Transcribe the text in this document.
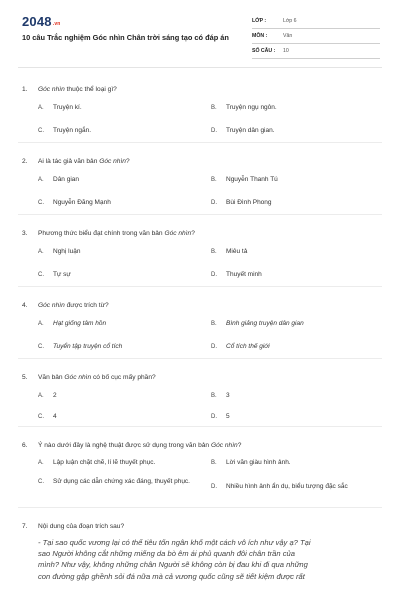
2048.vn
10 câu Trắc nghiệm Góc nhìn Chân trời sáng tạo có đáp án
LỚP :	Lớp 6
MÔN :	Văn
SỐ CÂU :	10
1.	Góc nhìn thuộc thể loại gì?
A.	Truyện kí.	B.	Truyện ngụ ngôn.
C.	Truyện ngắn.	D.	Truyện dân gian.
2.	Ai là tác giả văn bản Góc nhìn?
A.	Dân gian	B.	Nguyễn Thanh Tú
C.	Nguyễn Đăng Mạnh	D.	Bùi Đình Phong
3.	Phương thức biểu đạt chính trong văn bản Góc nhìn?
A.	Nghị luận	B.	Miêu tả
C.	Tự sự	D.	Thuyết minh
4.	Góc nhìn được trích từ?
A.	Hạt giống tâm hồn	B.	Bình giảng truyện dân gian
C.	Tuyển tập truyện cổ tích	D.	Cổ tích thế giới
5.	Văn bản Góc nhìn có bố cục mấy phần?
A.	2	B.	3
C.	4	D.	5
6.	Ý nào dưới đây là nghệ thuật được sử dụng trong văn bản Góc nhìn?
A.	Lập luận chặt chẽ, lí lẽ thuyết phục.	B.	Lời văn giàu hình ảnh.
C.	Sử dụng các dẫn chứng xác đáng, thuyết phục.
D.	Nhiều hình ảnh ẩn dụ, biểu tượng đặc sắc
7.	Nội dung của đoạn trích sau?
- Tại sao quốc vương lại có thể tiêu tốn ngân khố một cách vô ích như vậy ạ? Tại
sao Người không cắt những miếng da bò êm ái phủ quanh đôi chân trần của
mình? Như vậy, không những chân Người sẽ không còn bị đau khi đi qua những
con đường gập ghềnh sỏi đá nữa mà cả vương quốc cũng sẽ tiết kiệm được rất
